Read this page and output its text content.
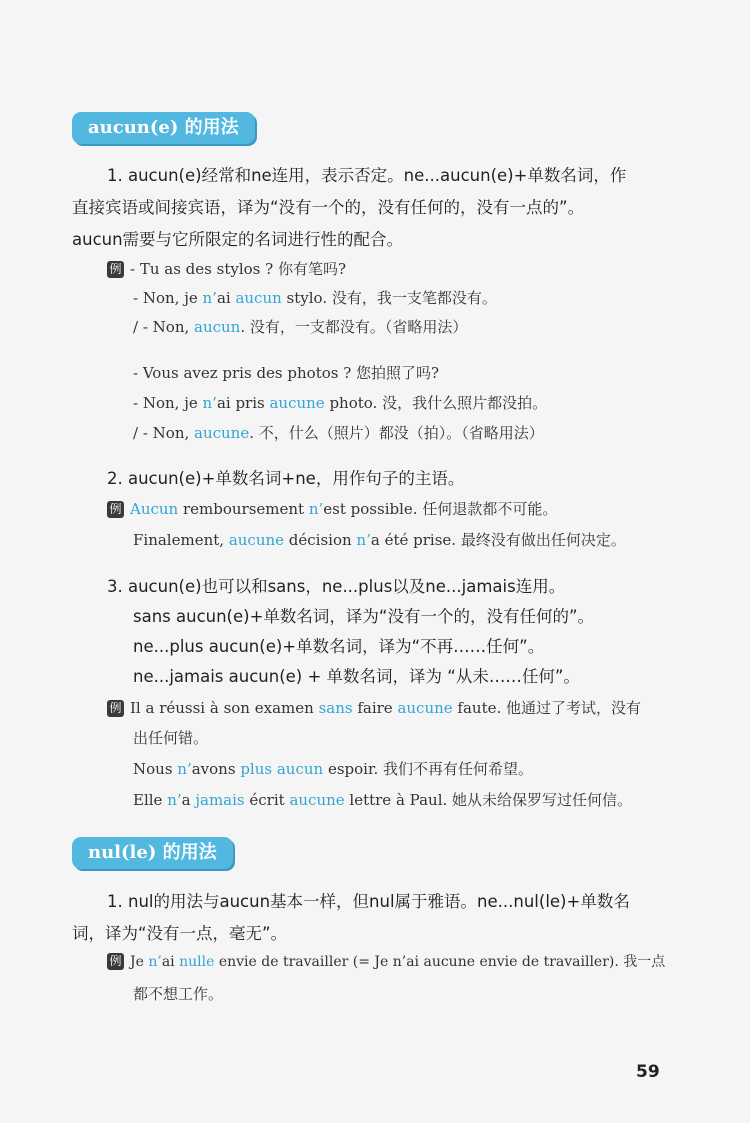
aucun(e) 的用法
1. aucun(e)经常和ne连用，表示否定。ne...aucun(e)+单数名词，作
直接宾语或间接宾语，译为“没有一个的，没有任何的，没有一点的”。
aucun需要与它所限定的名词进行性的配合。
例 - Tu as des stylos ? 你有笔吗?
- Non, je n’ai aucun stylo. 没有，我一支笔都没有。
/ - Non, aucun. 没有，一支都没有。（省略用法）
- Vous avez pris des photos ? 您拍照了吗?
- Non, je n’ai pris aucune photo. 没，我什么照片都没拍。
/ - Non, aucune. 不，什么（照片）都没（拍）。（省略用法）
2. aucun(e)+单数名词+ne，用作句子的主语。
例 Aucun remboursement n’est possible. 任何退款都不可能。
Finalement, aucune décision n’a été prise. 最终没有做出任何决定。
3. aucun(e)也可以和sans，ne...plus以及ne...jamais连用。
sans aucun(e)+单数名词，译为“没有一个的，没有任何的”。
ne...plus aucun(e)+单数名词，译为“不再……任何”。
ne...jamais aucun(e) + 单数名词，译为 “从未……任何”。
例 Il a réussi à son examen sans faire aucune faute. 他通过了考试，没有
出任何错。
Nous n’avons plus aucun espoir. 我们不再有任何希望。
Elle n’a jamais écrit aucune lettre à Paul. 她从未给保罗写过任何信。
nul(le) 的用法
1. nul的用法与aucun基本一样，但nul属于雅语。ne...nul(le)+单数名
词，译为“没有一点，毫无”。
例 Je n’ai nulle envie de travailler (= Je n’ai aucune envie de travailler). 我一点
都不想工作。
59
